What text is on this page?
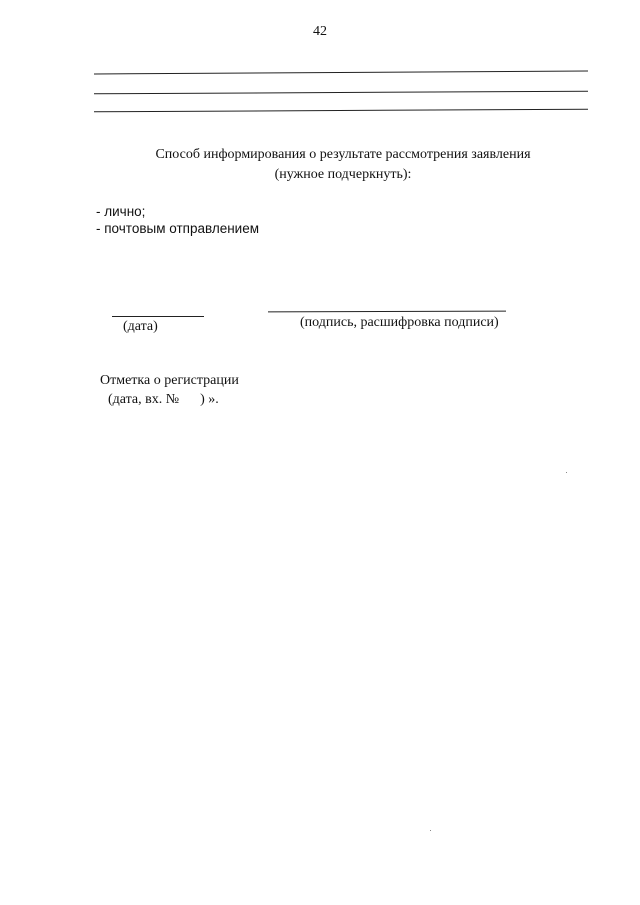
42
Способ информирования о результате рассмотрения заявления
(нужное подчеркнуть):
- лично;
- почтовым отправлением
(дата)	(подпись, расшифровка подписи)
Отметка о регистрации
(дата, вх. №      ) ».
